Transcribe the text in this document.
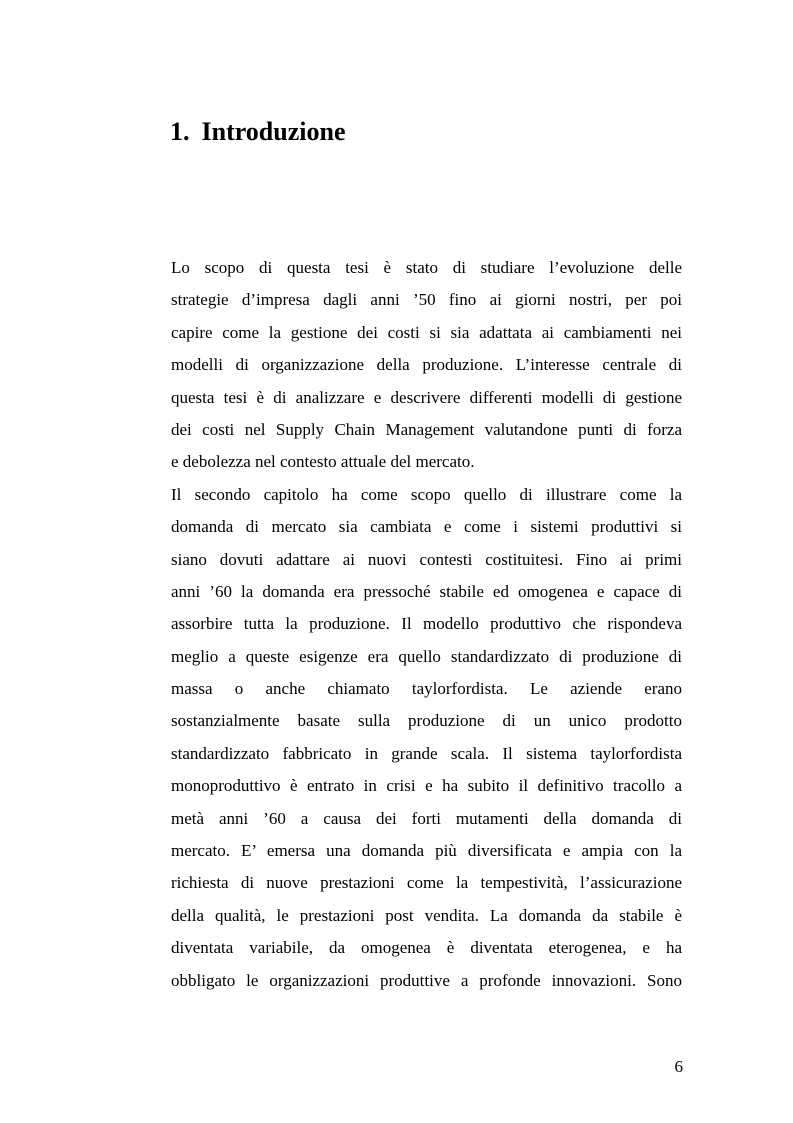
1. Introduzione
Lo scopo di questa tesi è stato di studiare l’evoluzione delle
strategie d’impresa dagli anni ’50 fino ai giorni nostri, per poi
capire come la gestione dei costi si sia adattata ai cambiamenti nei
modelli di organizzazione della produzione. L’interesse centrale di
questa tesi è di analizzare e descrivere differenti modelli di gestione
dei costi nel Supply Chain Management valutandone punti di forza
e debolezza nel contesto attuale del mercato.
Il secondo capitolo ha come scopo quello di illustrare come la
domanda di mercato sia cambiata e come i sistemi produttivi si
siano dovuti adattare ai nuovi contesti costituitesi. Fino ai primi
anni ’60 la domanda era pressoché stabile ed omogenea e capace di
assorbire tutta la produzione. Il modello produttivo che rispondeva
meglio a queste esigenze era quello standardizzato di produzione di
massa o anche chiamato taylorfordista. Le aziende erano
sostanzialmente basate sulla produzione di un unico prodotto
standardizzato fabbricato in grande scala. Il sistema taylorfordista
monoproduttivo è entrato in crisi e ha subito il definitivo tracollo a
metà anni ’60 a causa dei forti mutamenti della domanda di
mercato. E’ emersa una domanda più diversificata e ampia con la
richiesta di nuove prestazioni come la tempestività, l’assicurazione
della qualità, le prestazioni post vendita. La domanda da stabile è
diventata variabile, da omogenea è diventata eterogenea, e ha
obbligato le organizzazioni produttive a profonde innovazioni. Sono
6
